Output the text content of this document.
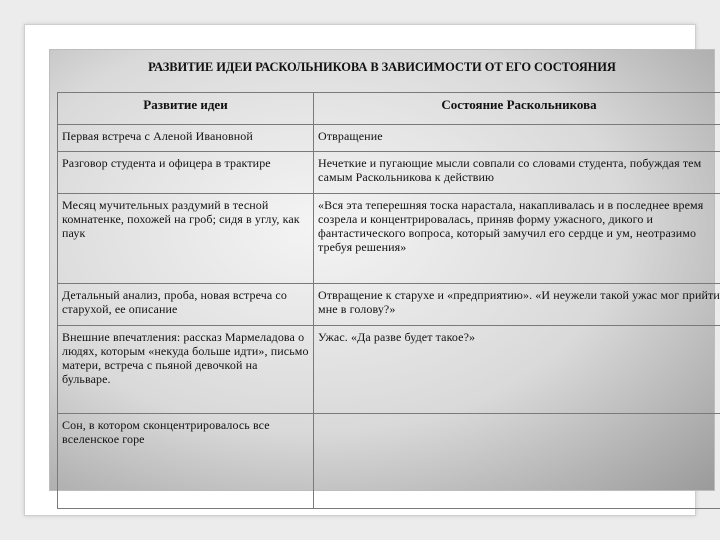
РАЗВИТИЕ ИДЕИ РАСКОЛЬНИКОВА В ЗАВИСИМОСТИ ОТ ЕГО СОСТОЯНИЯ
Развитие идеи	Состояние Раскольникова
Первая встреча с Аленой Ивановной	Отвращение
Разговор студента и офицера в трактире	Нечеткие и пугающие мысли совпали со словами студента, побуждая тем самым Раскольникова к действию
Месяц мучительных раздумий в тесной комнатенке, похожей на гроб; сидя в углу, как паук	«Вся эта теперешняя тоска нарастала, накапливалась и в последнее время созрела и концентрировалась, приняв форму ужасного, дикого и фантастического вопроса, который замучил его сердце и ум, неотразимо требуя решения»
Детальный анализ, проба, новая встреча со старухой, ее описание	Отвращение к старухе и «предприятию». «И неужели такой ужас мог прийти мне в голову?»
Внешние впечатления: рассказ Мармеладова о людях, которым «некуда больше идти», письмо матери, встреча с пьяной девочкой на бульваре.	Ужас. «Да разве будет такое?»
Сон, в котором сконцентрировалось все вселенское горе	
